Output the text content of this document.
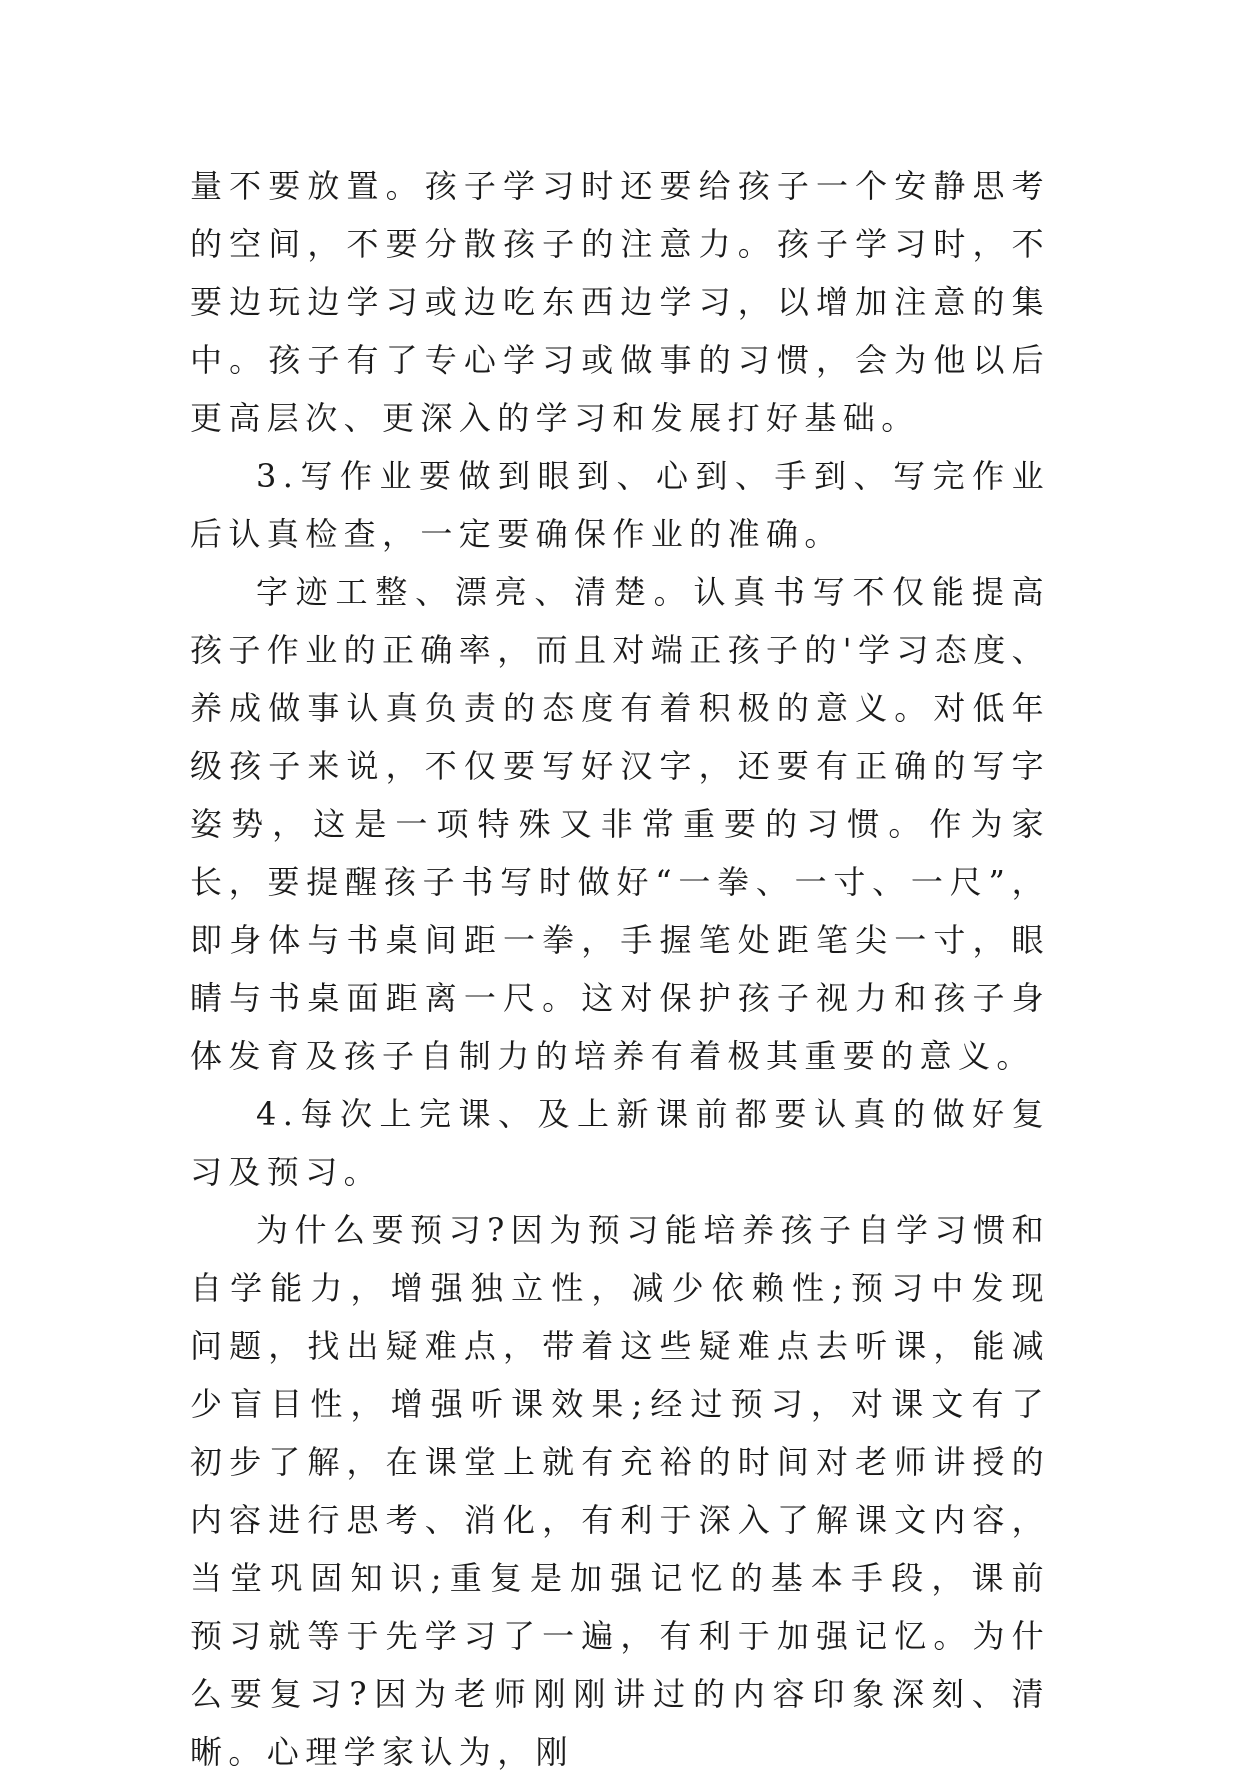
量不要放置。孩子学习时还要给孩子一个安静思考的空间，不要分散孩子的注意力。孩子学习时，不要边玩边学习或边吃东西边学习，以增加注意的集中。孩子有了专心学习或做事的习惯，会为他以后更高层次、更深入的学习和发展打好基础。

3.写作业要做到眼到、心到、手到、写完作业后认真检查，一定要确保作业的准确。

字迹工整、漂亮、清楚。认真书写不仅能提高孩子作业的正确率，而且对端正孩子的'学习态度、养成做事认真负责的态度有着积极的意义。对低年级孩子来说，不仅要写好汉字，还要有正确的写字姿势，这是一项特殊又非常重要的习惯。作为家长，要提醒孩子书写时做好“一拳、一寸、一尺”，即身体与书桌间距一拳，手握笔处距笔尖一寸，眼睛与书桌面距离一尺。这对保护孩子视力和孩子身体发育及孩子自制力的培养有着极其重要的意义。

4.每次上完课、及上新课前都要认真的做好复习及预习。

为什么要预习?因为预习能培养孩子自学习惯和自学能力，增强独立性，减少依赖性;预习中发现问题，找出疑难点，带着这些疑难点去听课，能减少盲目性，增强听课效果;经过预习，对课文有了初步了解，在课堂上就有充裕的时间对老师讲授的内容进行思考、消化，有利于深入了解课文内容，当堂巩固知识;重复是加强记忆的基本手段，课前预习就等于先学习了一遍，有利于加强记忆。为什么要复习?因为老师刚刚讲过的内容印象深刻、清晰。心理学家认为，刚
